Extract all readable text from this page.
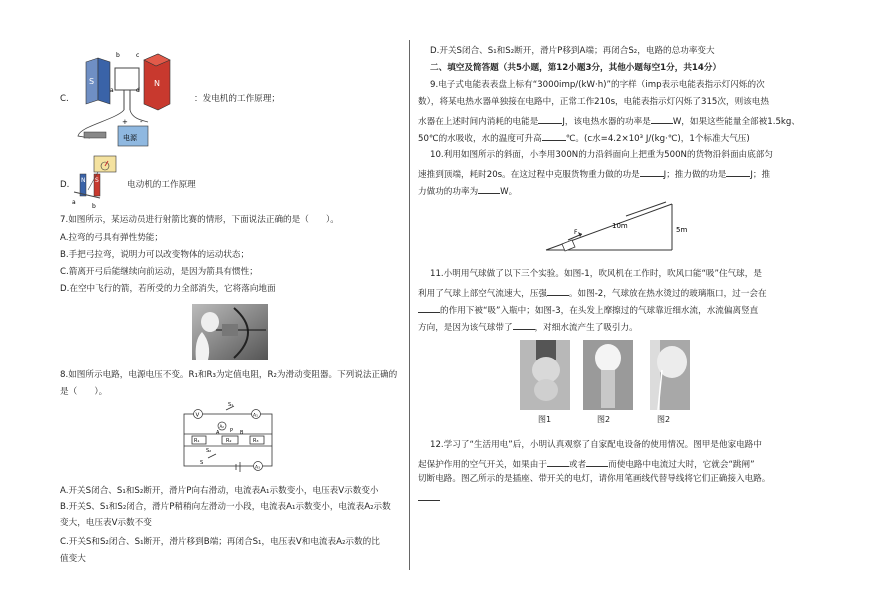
C.
S	N
b	c
a	d
电源
+ -
：发电机的工作原理；
D. N S
a
b
电动机的工作原理
7.如图所示，某运动员进行射箭比赛的情形，下面说法正确的是（　　）。
A.拉弯的弓具有弹性势能；
B.手把弓拉弯，说明力可以改变物体的运动状态；
C.箭离开弓后能继续向前运动，是因为箭具有惯性；
D.在空中飞行的箭，若所受的力全部消失，它将落向地面
8.如图所示电路，电源电压不变。R₁和R₃为定值电阻，R₂为滑动变阻器。下列说法正确的
是（　　）。
V	A₁
A₃
A₂
S₁
S₂
S
R₁	R₂	R₃
A	B
P
A.开关S闭合、S₁和S₂断开，滑片P向右滑动，电流表A₁示数变小，电压表V示数变小
B.开关S、S₁和S₂闭合，滑片P稍稍向左滑动一小段，电流表A₁示数变小，电流表A₂示数
变大，电压表V示数不变
C.开关S和S₂闭合、S₁断开，滑片移到B端；再闭合S₁，电压表V和电流表A₂示数的比
值变大
D.开关S闭合、S₁和S₂断开，滑片P移到A端；再闭合S₂，电路的总功率变大
二、填空及简答题（共5小题，第12小题3分，其他小题每空1分，共14分）
9.电子式电能表表盘上标有“3000imp/(kW·h)”的字样（imp表示电能表指示灯闪烁的次
数），将某电热水器单独接在电路中，正常工作210s，电能表指示灯闪烁了315次，则该电热
水器在上述时间内消耗的电能是	J，该电热水器的功率是	W，如果这些能量全部被1.5kg、
50℃的水吸收，水的温度可升高	℃。(c水=4.2×10³ J/(kg·℃)，1个标准大气压)
10.利用如图所示的斜面，小李用300N的力沿斜面向上把重为500N的货物沿斜面由底部匀
速推到顶端，耗时20s。在这过程中克服货物重力做的功是	J；推力做的功是	J；推
力做功的功率为	W。
F
10m	5m
11.小明用气球做了以下三个实验。如图-1，吹风机在工作时，吹风口能“吸”住气球，是
利用了气球上部空气流速大，压强	。如图-2，气球放在热水烫过的玻璃瓶口，过一会在
的作用下被“吸”入瓶中；如图-3，在头发上摩擦过的气球靠近细水流，水流偏离竖直
方向，是因为该气球带了	，对细水流产生了吸引力。
图1	图2	图2
12.学习了“生活用电”后，小明认真观察了自家配电设备的使用情况。图甲是他家电路中
起保护作用的空气开关，如果由于	或者	而使电路中电流过大时，它就会“跳闸”
切断电路。图乙所示的是插座、带开关的电灯，请你用笔画线代替导线将它们正确接入电路。
